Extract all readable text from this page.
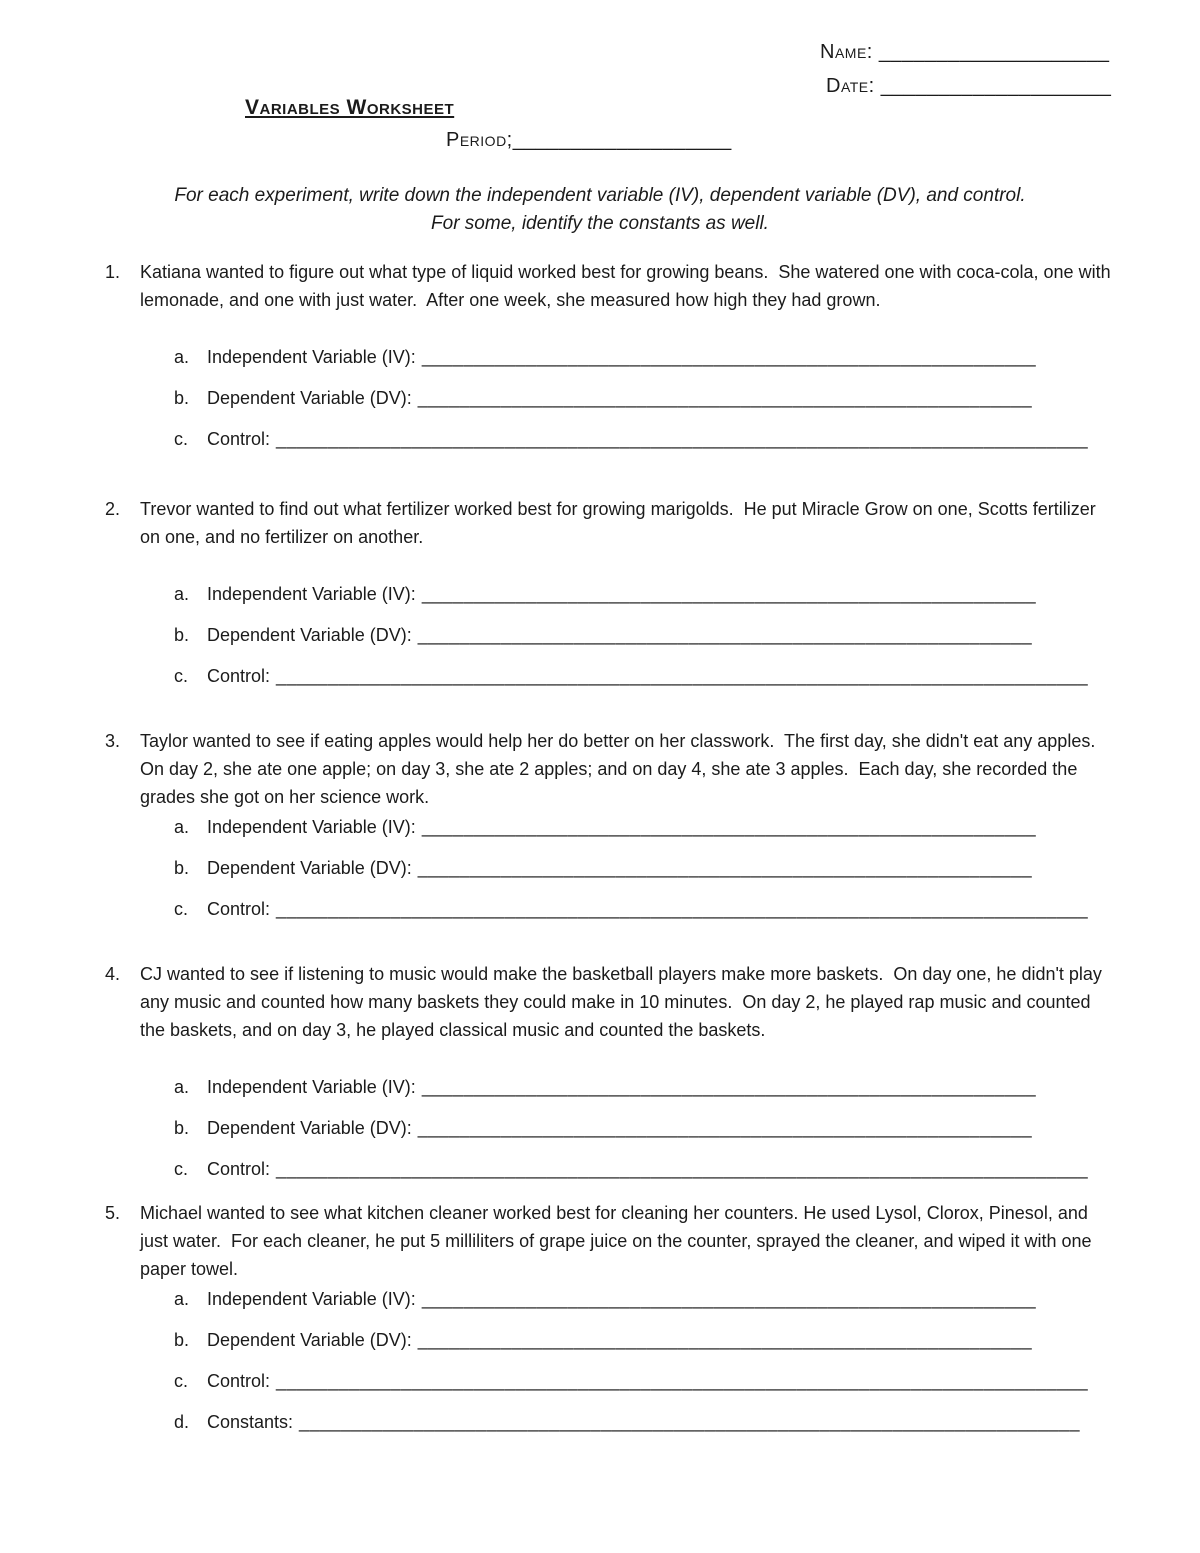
Name: ____________________
Date: ____________________
Variables Worksheet
Period;___________________
For each experiment, write down the independent variable (IV), dependent variable (DV), and control.
For some, identify the constants as well.
1.	Katiana wanted to figure out what type of liquid worked best for growing beans.  She watered one with coca-cola, one with lemonade, and one with just water.  After one week, she measured how high they had grown.
a. Independent Variable (IV): ___________________________________________________________
b. Dependent Variable (DV): ___________________________________________________________
c.	Control: ______________________________________________________________________________
2.	Trevor wanted to find out what fertilizer worked best for growing marigolds.  He put Miracle Grow on one, Scotts fertilizer on one, and no fertilizer on another.
a. Independent Variable (IV): ___________________________________________________________
b. Dependent Variable (DV): ___________________________________________________________
c.	Control: ______________________________________________________________________________
3.	Taylor wanted to see if eating apples would help her do better on her classwork.  The first day, she didn't eat any apples.  On day 2, she ate one apple; on day 3, she ate 2 apples; and on day 4, she ate 3 apples.  Each day, she recorded the grades she got on her science work.
a. Independent Variable (IV): ___________________________________________________________
b. Dependent Variable (DV): ___________________________________________________________
c.	Control: ______________________________________________________________________________
4.	CJ wanted to see if listening to music would make the basketball players make more baskets.  On day one, he didn't play any music and counted how many baskets they could make in 10 minutes.  On day 2, he played rap music and counted the baskets, and on day 3, he played classical music and counted the baskets.
a. Independent Variable (IV): ___________________________________________________________
b. Dependent Variable (DV): ___________________________________________________________
c.	Control: ______________________________________________________________________________
5.	Michael wanted to see what kitchen cleaner worked best for cleaning her counters. He used Lysol, Clorox, Pinesol, and just water.  For each cleaner, he put 5 milliliters of grape juice on the counter, sprayed the cleaner, and wiped it with one paper towel.
a. Independent Variable (IV): ___________________________________________________________
b. Dependent Variable (DV): ___________________________________________________________
c.	Control: ______________________________________________________________________________
d. Constants: ___________________________________________________________________________
